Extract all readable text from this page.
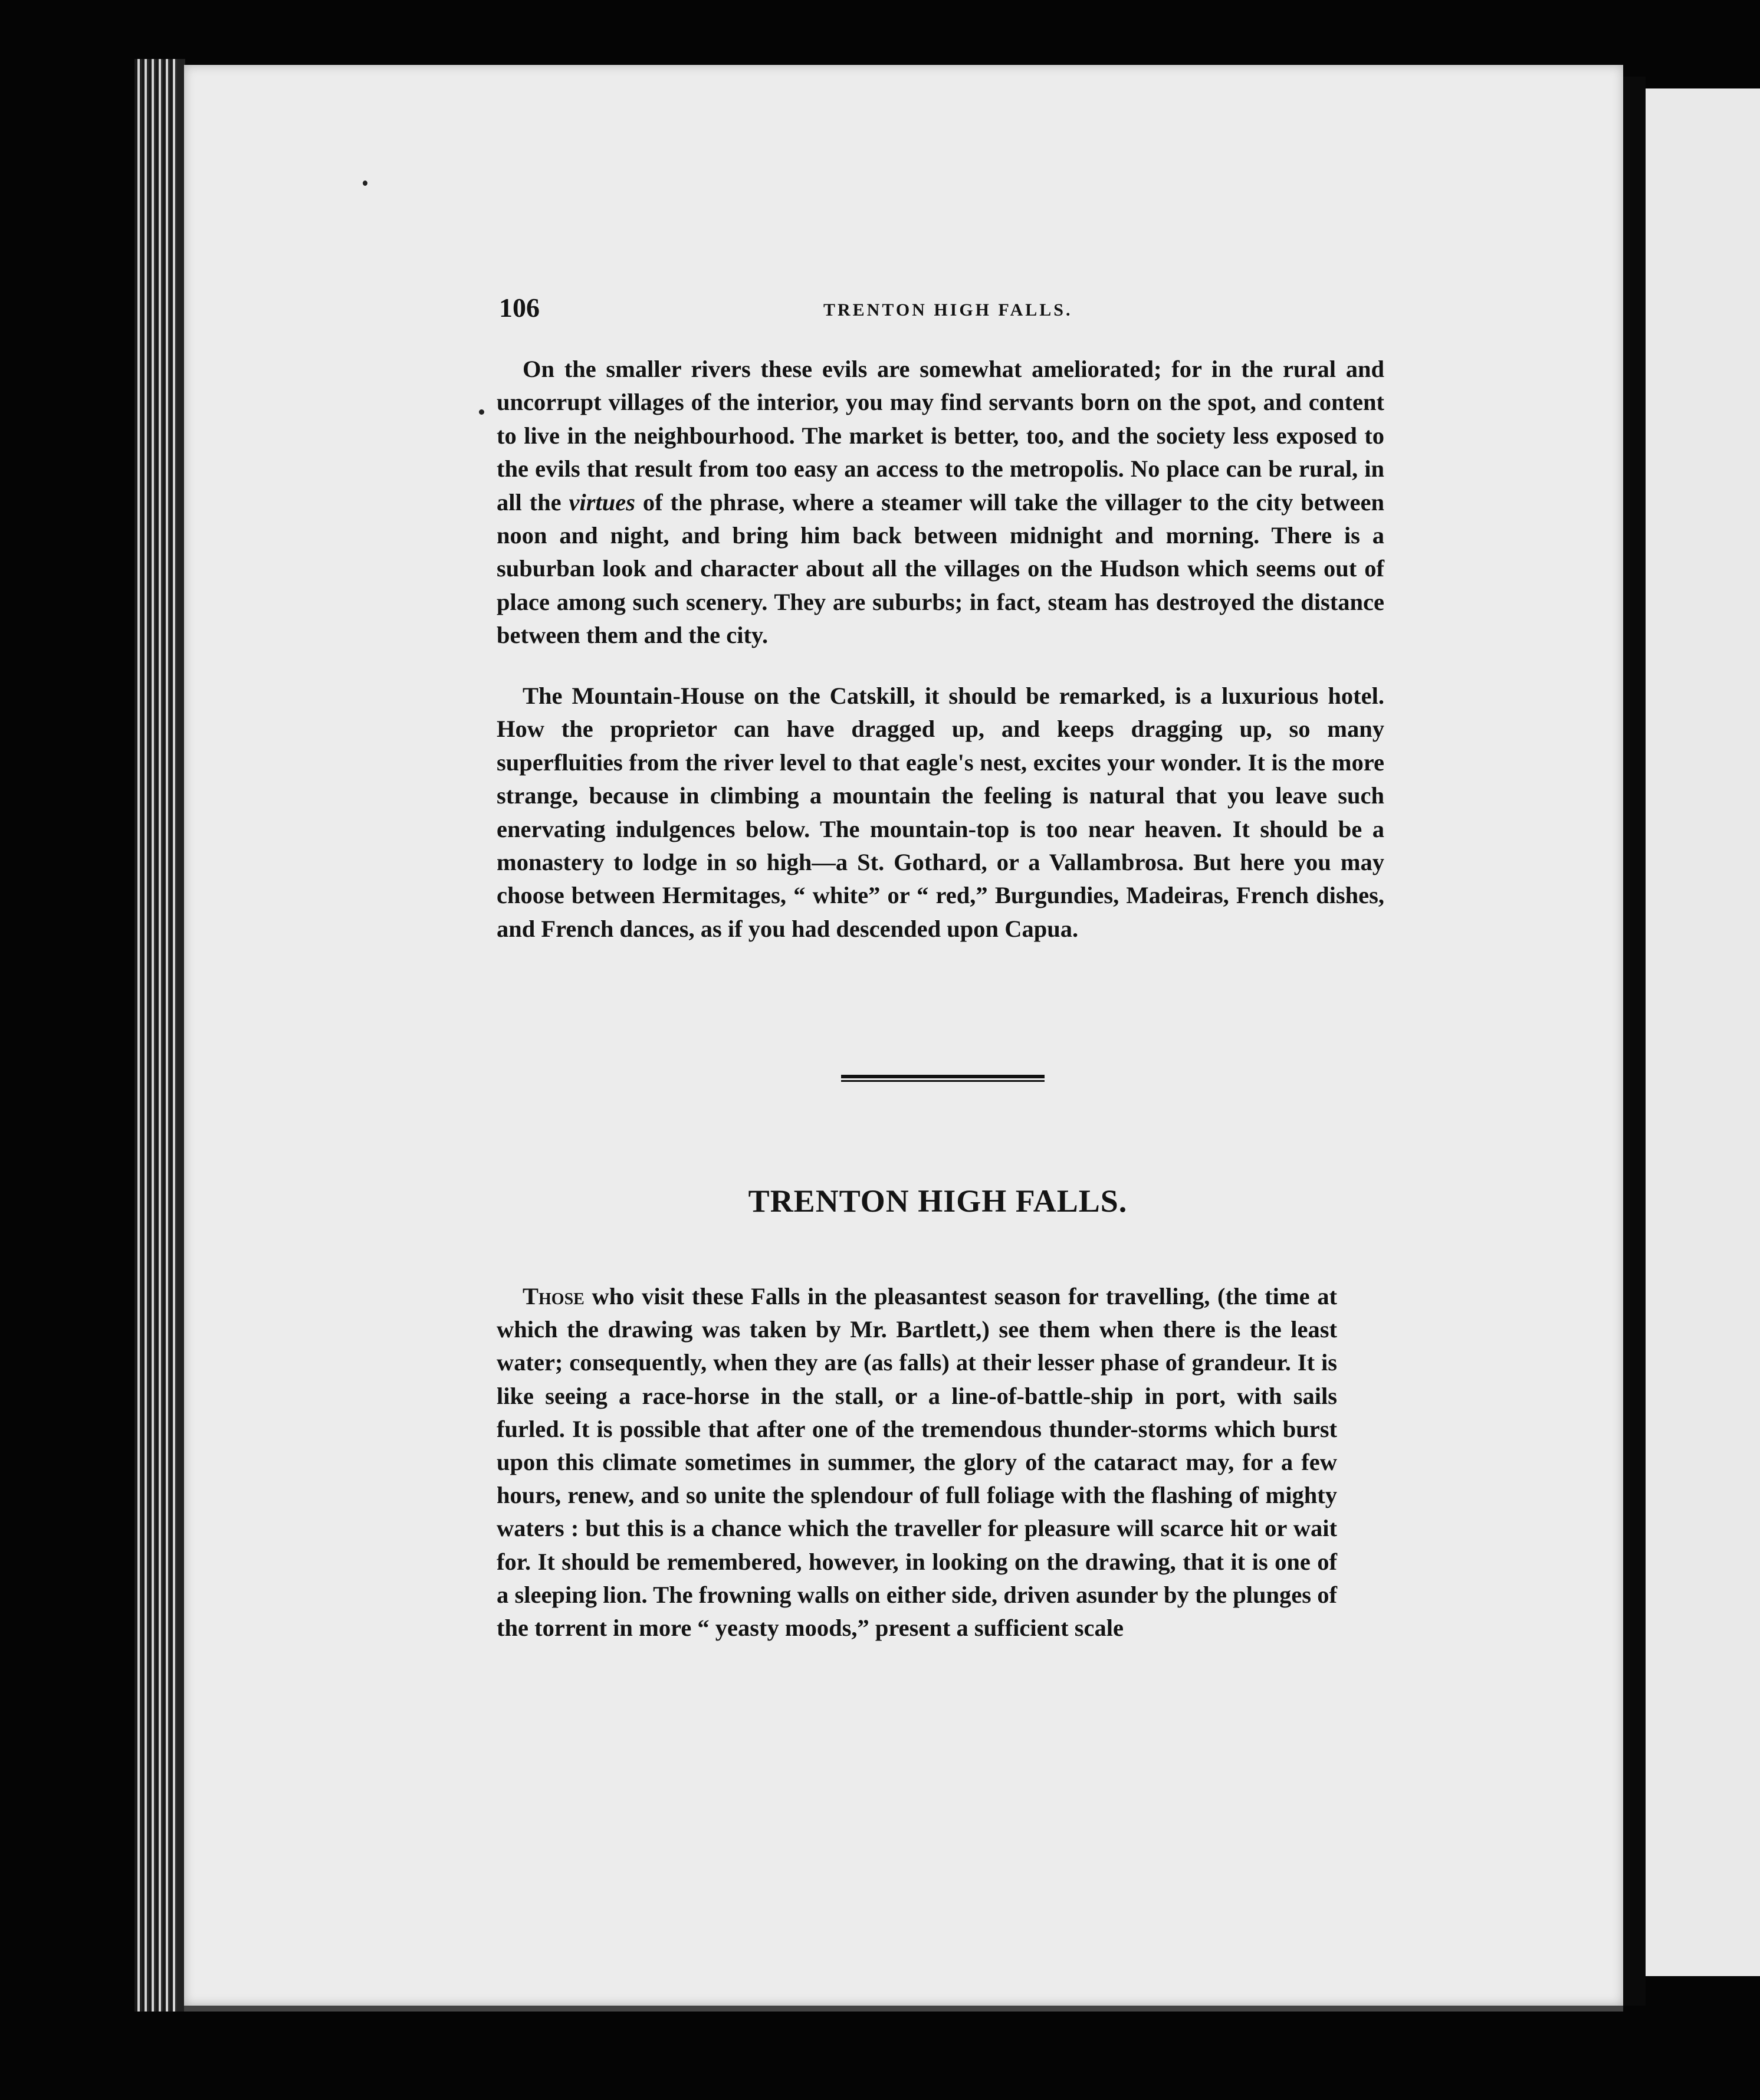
106	TRENTON HIGH FALLS.

On the smaller rivers these evils are somewhat ameliorated; for in the rural and uncorrupt villages of the interior, you may find servants born on the spot, and content to live in the neighbourhood. The market is better, too, and the society less exposed to the evils that result from too easy an access to the metropolis. No place can be rural, in all the virtues of the phrase, where a steamer will take the villager to the city between noon and night, and bring him back between midnight and morning. There is a suburban look and character about all the villages on the Hudson which seems out of place among such scenery. They are suburbs; in fact, steam has destroyed the distance between them and the city.

The Mountain-House on the Catskill, it should be remarked, is a luxurious hotel. How the proprietor can have dragged up, and keeps dragging up, so many superfluities from the river level to that eagle's nest, excites your wonder. It is the more strange, because in climbing a mountain the feeling is natural that you leave such enervating indulgences below. The mountain-top is too near heaven. It should be a monastery to lodge in so high—a St. Gothard, or a Vallambrosa. But here you may choose between Hermitages, “ white” or “ red,” Burgundies, Madeiras, French dishes, and French dances, as if you had descended upon Capua.

TRENTON HIGH FALLS.

Those who visit these Falls in the pleasantest season for travelling, (the time at which the drawing was taken by Mr. Bartlett,) see them when there is the least water; consequently, when they are (as falls) at their lesser phase of grandeur. It is like seeing a race-horse in the stall, or a line-of-battle-ship in port, with sails furled. It is possible that after one of the tremendous thunder-storms which burst upon this climate sometimes in summer, the glory of the cataract may, for a few hours, renew, and so unite the splendour of full foliage with the flashing of mighty waters : but this is a chance which the traveller for pleasure will scarce hit or wait for. It should be remembered, however, in looking on the drawing, that it is one of a sleeping lion. The frowning walls on either side, driven asunder by the plunges of the torrent in more “ yeasty moods,” present a sufficient scale
